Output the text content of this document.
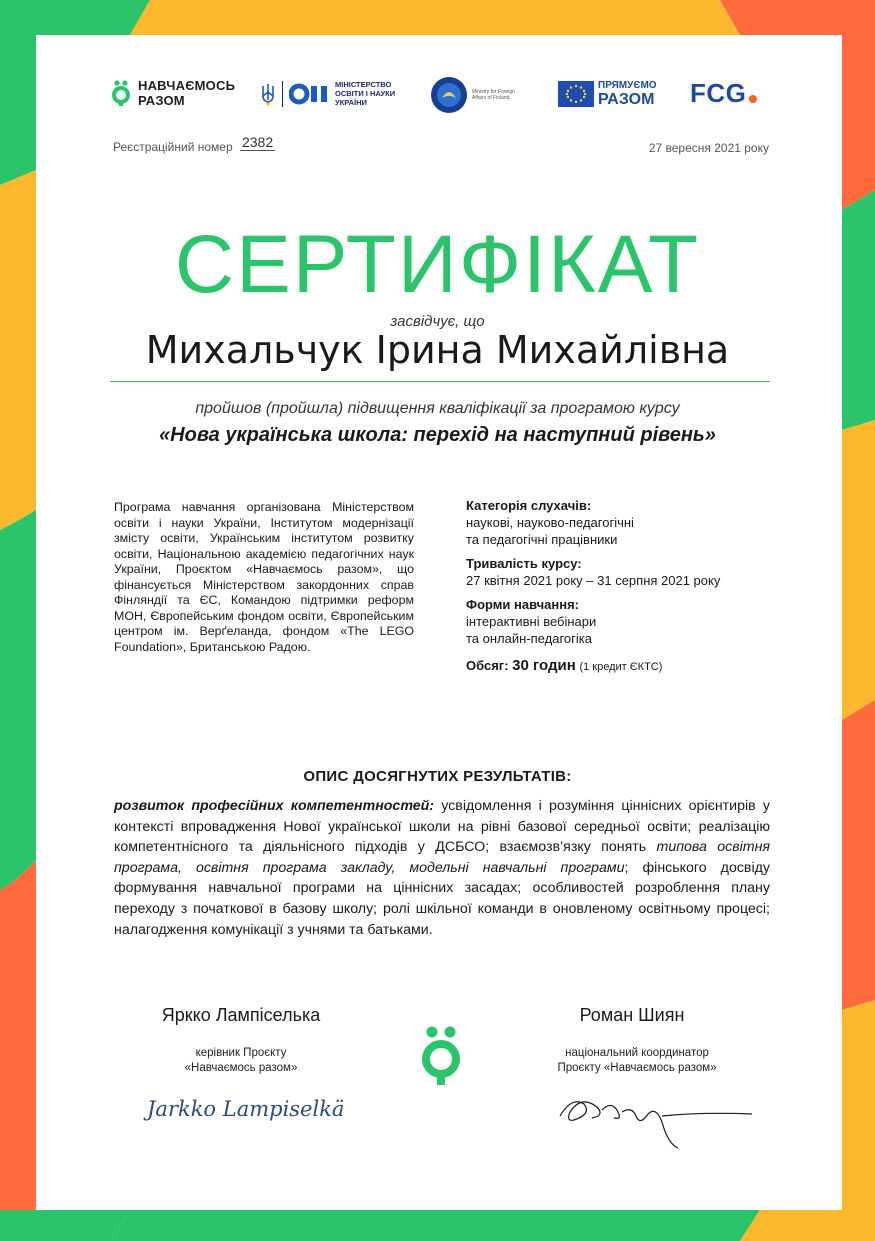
НАВЧАЄМОСЬ
РАЗОМ
МІНІСТЕРСТВО
ОСВІТИ І НАУКИ
УКРАЇНИ
Ministry for Foreign
Affairs of Finland
ПРЯМУЄМО
РАЗОМ FCG
Реєстраційний номер 2382	27 вересня 2021 року
СЕРТИФІКАТ
засвідчує, що
Михальчук Ірина Михайлівна
пройшов (пройшла) підвищення кваліфікації за програмою курсу
«Нова українська школа: перехід на наступний рівень»
Програма навчання організована Міністерством освіти і науки України, Інститутом модернізації змісту освіти, Українським інститутом розвитку освіти, Національною академією педагогічних наук України, Проєктом «Навчаємось разом», що фінансується Міністерством закордонних справ Фінляндії та ЄС, Командою підтримки реформ МОН, Європейським фондом освіти, Європейським центром ім. Верґеланда, фондом «The LEGO Foundation», Британською Радою.
Категорія слухачів:
наукові, науково-педагогічні
та педагогічні працівники
Тривалість курсу:
27 квітня 2021 року – 31 серпня 2021 року
Форми навчання:
інтерактивні вебінари
та онлайн-педагогіка
Обсяг: 30 годин (1 кредит ЄКТС)
ОПИС ДОСЯГНУТИХ РЕЗУЛЬТАТІВ:
розвиток професійних компетентностей: усвідомлення і розуміння ціннісних орієнтирів у контексті впровадження Нової української школи на рівні базової середньої освіти; реалізацію компетентнісного та діяльнісного підходів у ДСБСО; взаємозв’язку понять типова освітня програма, освітня програма закладу, модельні навчальні програми; фінського досвіду формування навчальної програми на ціннісних засадах; особливостей розроблення плану переходу з початкової в базову школу; ролі шкільної команди в оновленому освітньому процесі; налагодження комунікації з учнями та батьками.
Яркко Лампіселька
керівник Проєкту
«Навчаємось разом»
Jarkko Lampiselkä
Роман Шиян
національний координатор
Проєкту «Навчаємось разом»
